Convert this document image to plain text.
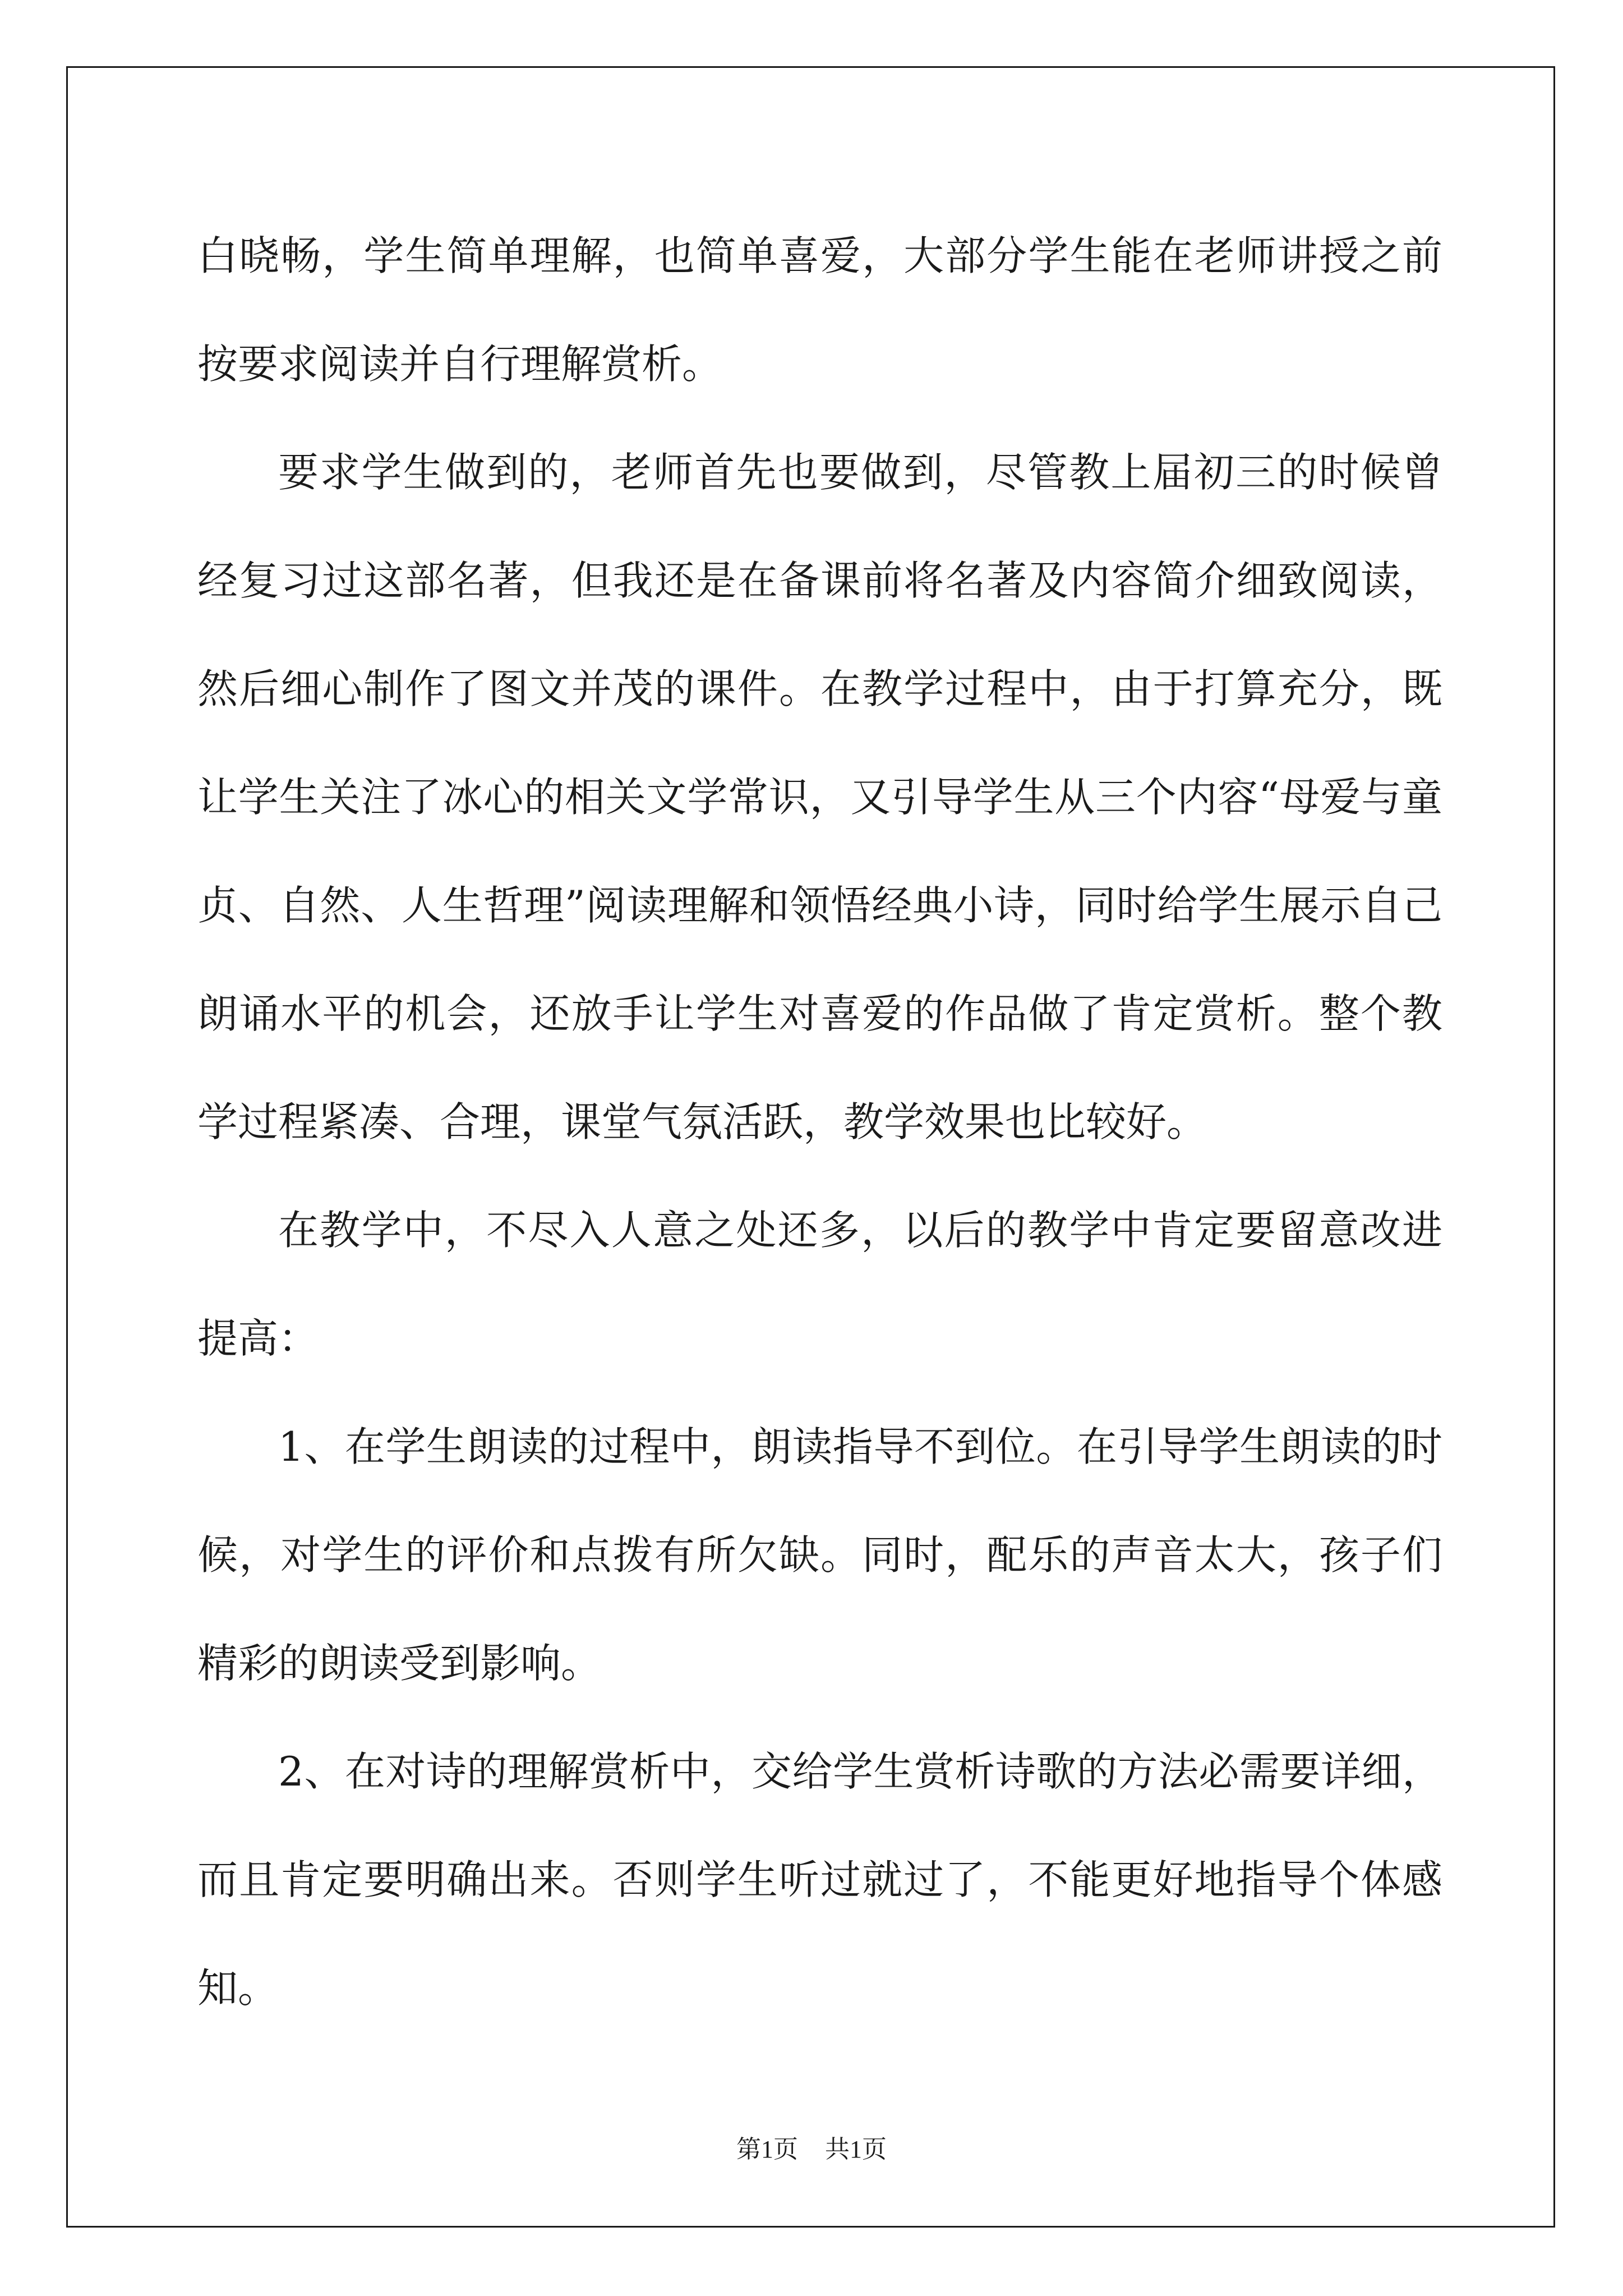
白晓畅，学生简单理解，也简单喜爱，大部分学生能在老师讲授之前按要求阅读并自行理解赏析。

要求学生做到的，老师首先也要做到，尽管教上届初三的时候曾经复习过这部名著，但我还是在备课前将名著及内容简介细致阅读，然后细心制作了图文并茂的课件。在教学过程中，由于打算充分，既让学生关注了冰心的相关文学常识，又引导学生从三个内容“母爱与童贞、自然、人生哲理”阅读理解和领悟经典小诗，同时给学生展示自己朗诵水平的机会，还放手让学生对喜爱的作品做了肯定赏析。整个教学过程紧凑、合理，课堂气氛活跃，教学效果也比较好。

在教学中，不尽入人意之处还多，以后的教学中肯定要留意改进提高：

1、在学生朗读的过程中，朗读指导不到位。在引导学生朗读的时候，对学生的评价和点拨有所欠缺。同时，配乐的声音太大，孩子们精彩的朗读受到影响。

2、在对诗的理解赏析中，交给学生赏析诗歌的方法必需要详细，而且肯定要明确出来。否则学生听过就过了，不能更好地指导个体感知。

第1页 共1页
